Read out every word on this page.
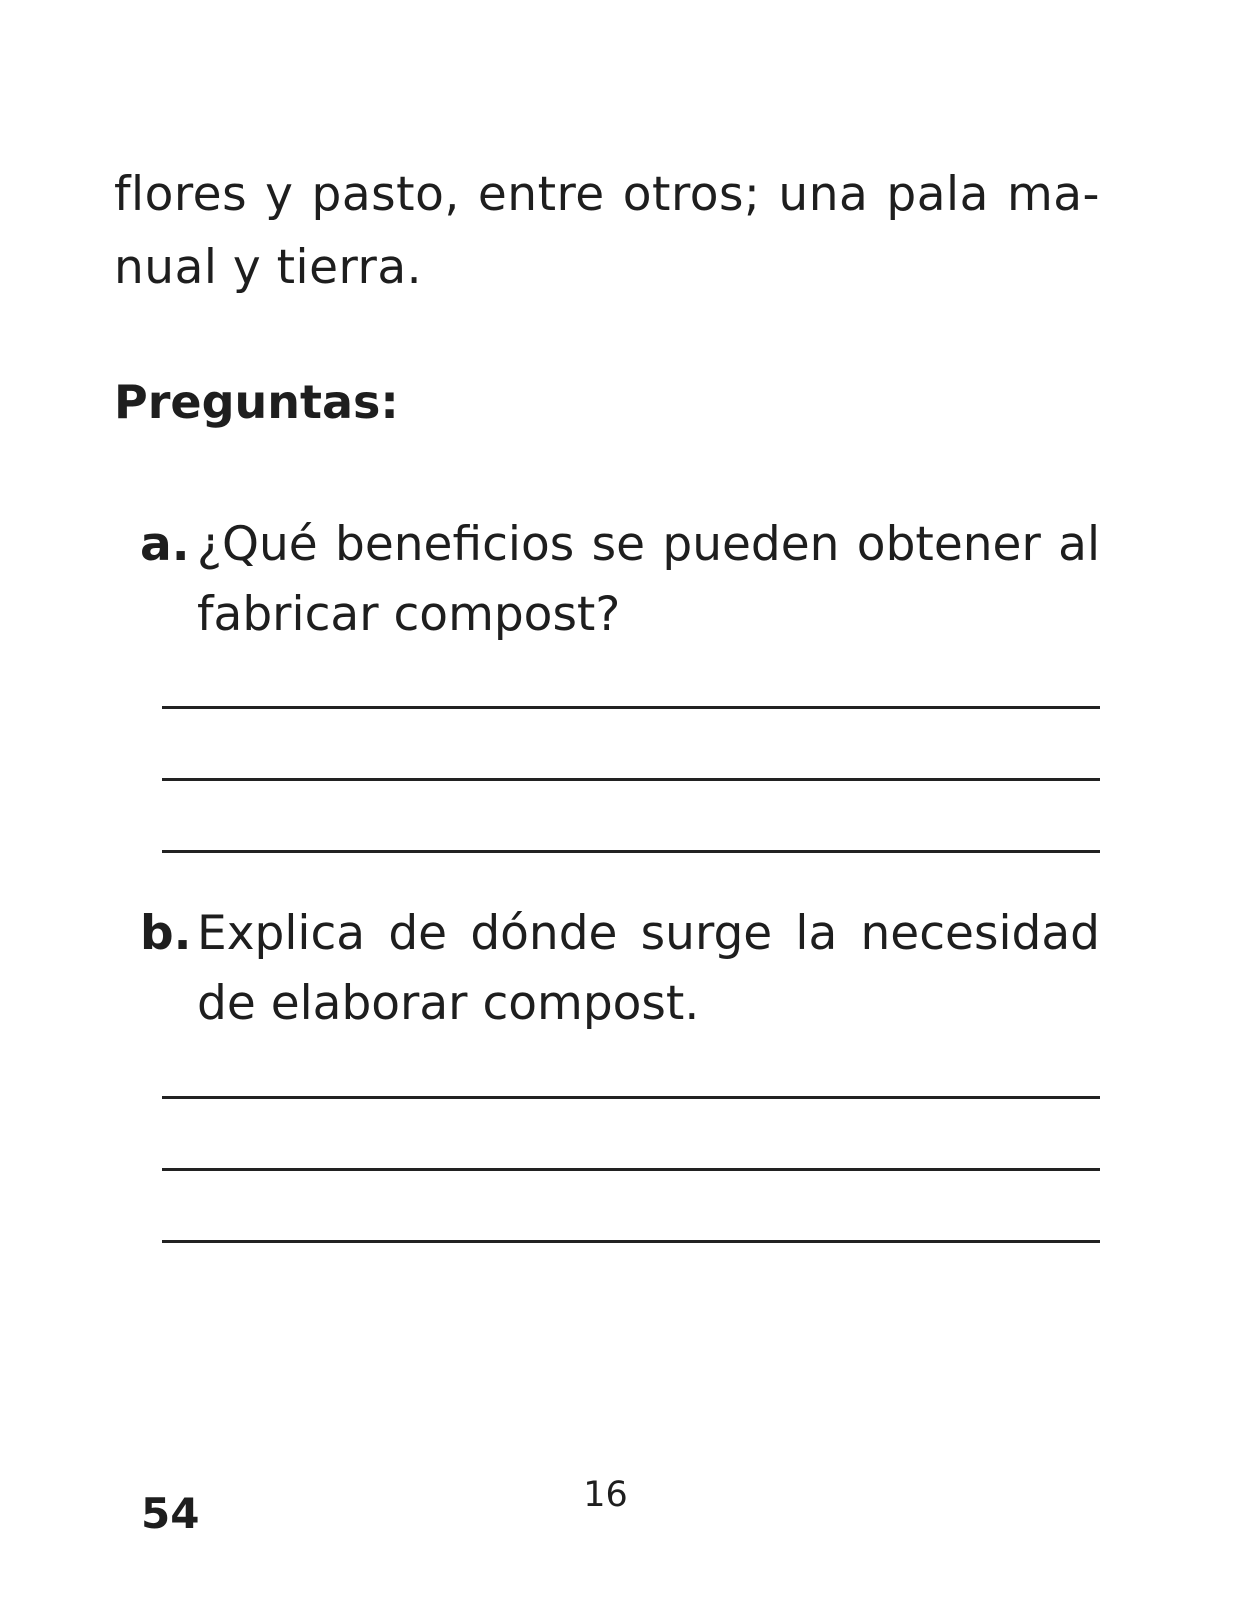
flores y pasto, entre otros; una pala ma-
nual y tierra.
Preguntas:
a. ¿Qué beneficios se pueden obtener al
fabricar compost?
b. Explica de dónde surge la necesidad
de elaborar compost.
54	16
